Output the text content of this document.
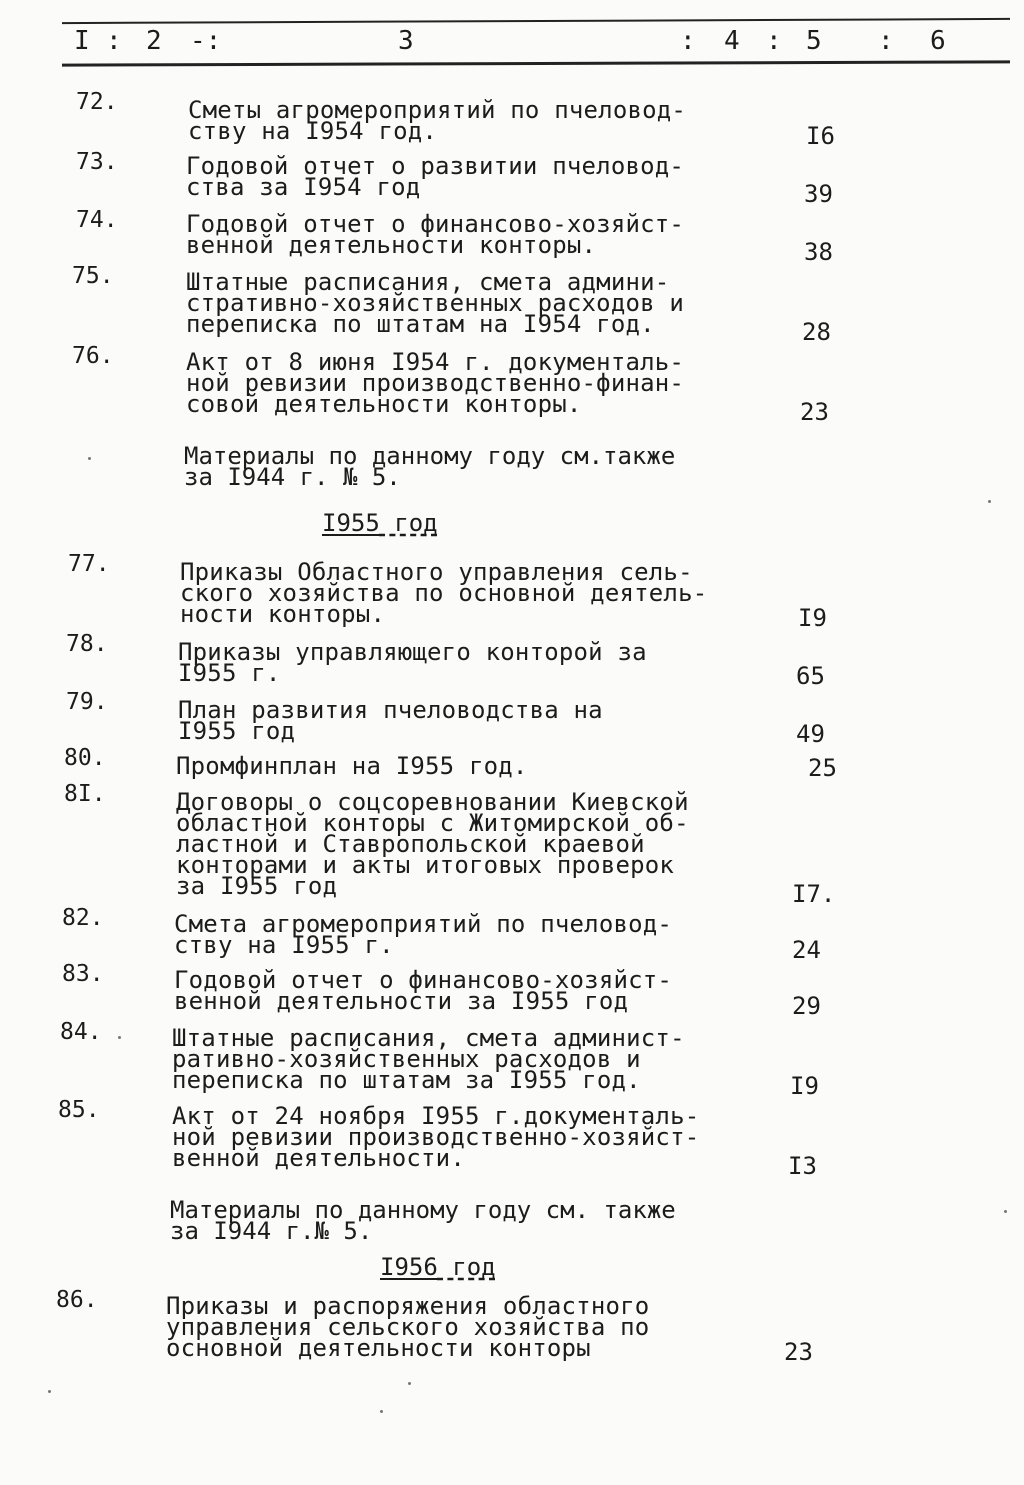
I : 2 -:	3	: 4 : 5 : 6
72.	Сметы агромероприятий по пчеловод-
ству на I954 год.	I6
73.	Годовой отчет о развитии пчеловод-
ства за I954 год	39
74.	Годовой отчет о финансово-хозяйст-
венной деятельности конторы.	38
75.	Штатные расписания, смета админи-
стративно-хозяйственных расходов и
переписка по штатам на I954 год.	28
76.	Акт от 8 июня I954 г. документаль-
ной ревизии производственно-финан-
совой деятельности конторы.	23
Материалы по данному году см.также
за I944 г. № 5.
I955 год
77.	Приказы Областного управления сель-
ского хозяйства по основной деятель-
ности конторы.	I9
78.	Приказы управляющего конторой за
I955 г.	65
79.	План развития пчеловодства на
I955 год	49
80.	Промфинплан на I955 год.	25
8I.	Договоры о соцсоревновании Киевской
областной конторы с Житомирской об-
ластной и Ставропольской краевой
конторами и акты итоговых проверок
за I955 год	I7.
82.	Смета агромероприятий по пчеловод-
ству на I955 г.	24
83.	Годовой отчет о финансово-хозяйст-
венной деятельности за I955 год	29
84.	Штатные расписания, смета админист-
ративно-хозяйственных расходов и
переписка по штатам за I955 год.	I9
85.	Акт от 24 ноября I955 г.документаль-
ной ревизии производственно-хозяйст-
венной деятельности.	I3
Материалы по данному году см. также
за I944 г.№ 5.
I956 год
86.	Приказы и распоряжения областного
управления сельского хозяйства по
основной деятельности конторы	23
